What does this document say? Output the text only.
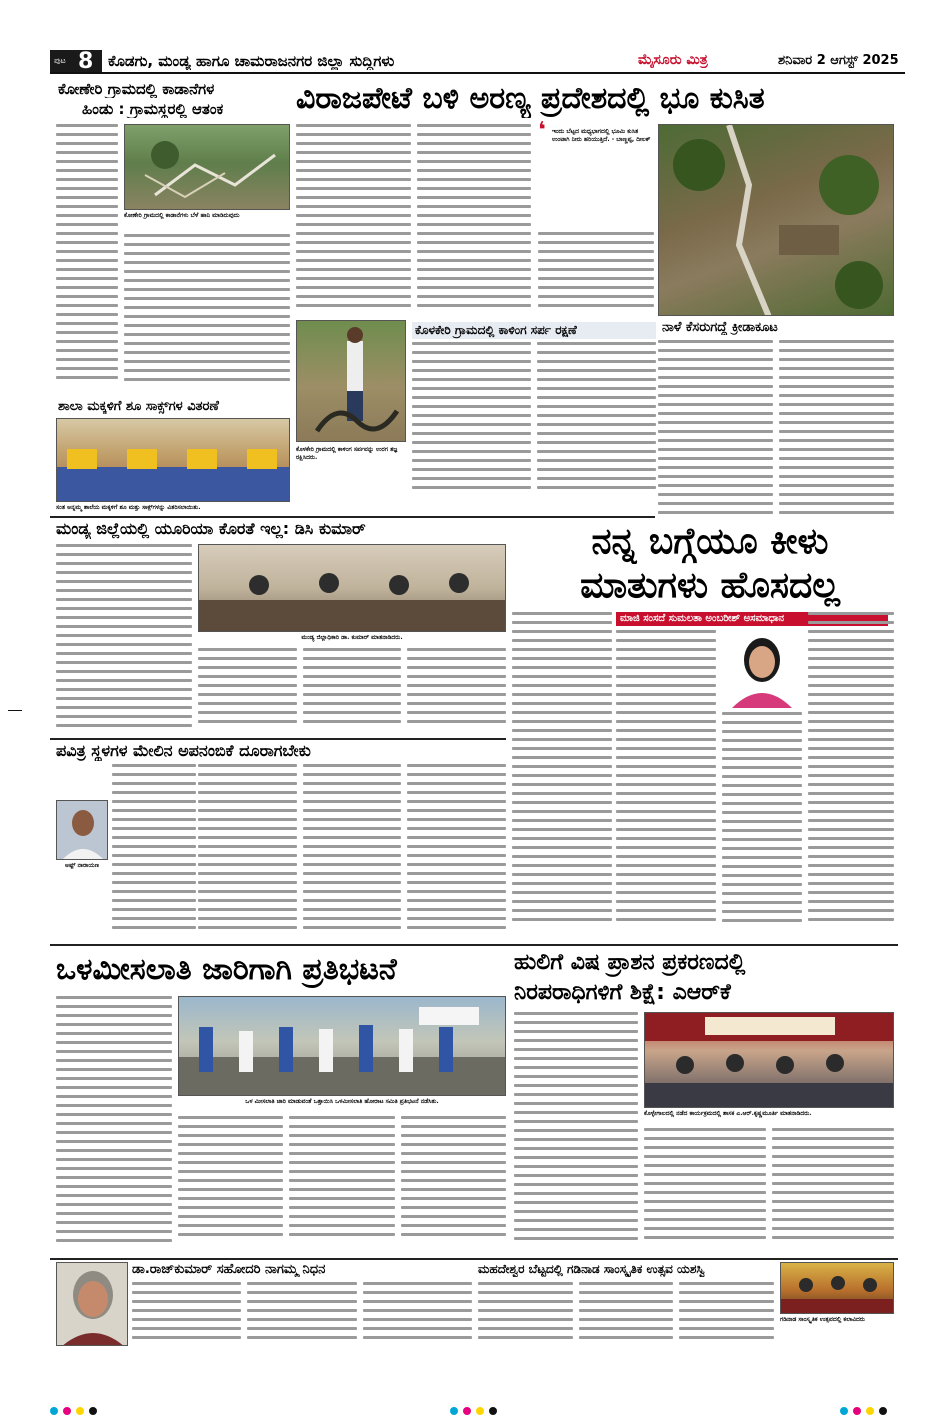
ಪುಟ 8 ಕೊಡಗು, ಮಂಡ್ಯ ಹಾಗೂ ಚಾಮರಾಜನಗರ ಜಿಲ್ಲಾ ಸುದ್ದಿಗಳು	ಮೈಸೂರು ಮಿತ್ರ	ಶನಿವಾರ 2 ಆಗಸ್ಟ್ 2025
ಕೋಣೇರಿ ಗ್ರಾಮದಲ್ಲಿ ಕಾಡಾನೆಗಳ
ಹಿಂಡು : ಗ್ರಾಮಸ್ಥರಲ್ಲಿ ಆತಂಕ
ಕೋಣೇರಿ ಗ್ರಾಮದಲ್ಲಿ ಕಾಡಾನೆಗಳು ಬೆಳೆ ಹಾನಿ ಮಾಡಿರುವುದು
ಶಾಲಾ ಮಕ್ಕಳಿಗೆ ಶೂ ಸಾಕ್ಸ್‌ಗಳ ವಿತರಣೆ
ಸಂತ ಅನ್ನಮ್ಮ ಶಾಲೆಯ ಮಕ್ಕಳಿಗೆ ಶೂ ಮತ್ತು ಸಾಕ್ಸ್‌ಗಳನ್ನು ವಿತರಿಸಲಾಯಿತು.
ವಿರಾಜಪೇಟೆ ಬಳಿ ಅರಣ್ಯ ಪ್ರದೇಶದಲ್ಲಿ ಭೂ ಕುಸಿತ
❛ ಇಂದು ಬೆಟ್ಟದ ಮಧ್ಯಭಾಗದಲ್ಲಿ ಭೂಮಿ ಕುಸಿತ ಉಂಟಾಗಿ ನೀರು ಹರಿಯುತ್ತಿದೆ. - ಬಾಣ್ಣಪ್ಪ, ದೀಲಕ್
ಕೊಳಕೇರಿ ಗ್ರಾಮದಲ್ಲಿ ಕಾಳಿಂಗ ಸರ್ಪವನ್ನು ಉರಗ ತಜ್ಞ ರಕ್ಷಿಸಿದರು.
ಕೊಳಕೇರಿ ಗ್ರಾಮದಲ್ಲಿ ಕಾಳಿಂಗ ಸರ್ಪ ರಕ್ಷಣೆ	ನಾಳೆ ಕೆಸರುಗದ್ದೆ ಕ್ರೀಡಾಕೂಟ
ಮಂಡ್ಯ ಜಿಲ್ಲೆಯಲ್ಲಿ ಯೂರಿಯಾ ಕೊರತೆ ಇಲ್ಲ: ಡಿಸಿ ಕುಮಾರ್
ಮಂಡ್ಯ ಜಿಲ್ಲಾಧಿಕಾರಿ ಡಾ. ಕುಮಾರ್ ಮಾತನಾಡಿದರು.
ನನ್ನ ಬಗ್ಗೆಯೂ ಕೀಳು
ಮಾತುಗಳು ಹೊಸದಲ್ಲ
ಮಾಜಿ ಸಂಸದೆ ಸುಮಲತಾ ಅಂಬರೀಶ್ ಅಸಮಾಧಾನ
ಪವಿತ್ರ ಸ್ಥಳಗಳ ಮೇಲಿನ ಅಪನಂಬಿಕೆ ದೂರಾಗಬೇಕು
ಅಷ್ಟ್ ನಾರಾಯಣ
ಒಳಮೀಸಲಾತಿ ಜಾರಿಗಾಗಿ ಪ್ರತಿಭಟನೆ
ಒಳ ಮೀಸಲಾತಿ ಜಾರಿ ಮಾಡುವಂತೆ ಒತ್ತಾಯಿಸಿ ಒಳಮೀಸಲಾತಿ ಹೋರಾಟ ಸಮಿತಿ ಪ್ರತಿಭಟನೆ ನಡೆಸಿತು.
ಹುಲಿಗೆ ವಿಷ ಪ್ರಾಶನ ಪ್ರಕರಣದಲ್ಲಿ
ನಿರಪರಾಧಿಗಳಿಗೆ ಶಿಕ್ಷೆ: ಎಆರ್‌ಕೆ
ಕೊಳ್ಳೇಗಾಲದಲ್ಲಿ ನಡೆದ ಕಾರ್ಯಕ್ರಮದಲ್ಲಿ ಶಾಸಕ ಎ.ಆರ್.ಕೃಷ್ಣಮೂರ್ತಿ ಮಾತನಾಡಿದರು.
ಡಾ.ರಾಜ್‌ಕುಮಾರ್ ಸಹೋದರಿ ನಾಗಮ್ಮ ನಿಧನ	ಮಹದೇಶ್ವರ ಬೆಟ್ಟದಲ್ಲಿ ಗಡಿನಾಡ ಸಾಂಸ್ಕೃತಿಕ ಉತ್ಸವ ಯಶಸ್ವಿ
ಗಡಿನಾಡ ಸಾಂಸ್ಕೃತಿಕ ಉತ್ಸವದಲ್ಲಿ ಕಲಾವಿದರು
